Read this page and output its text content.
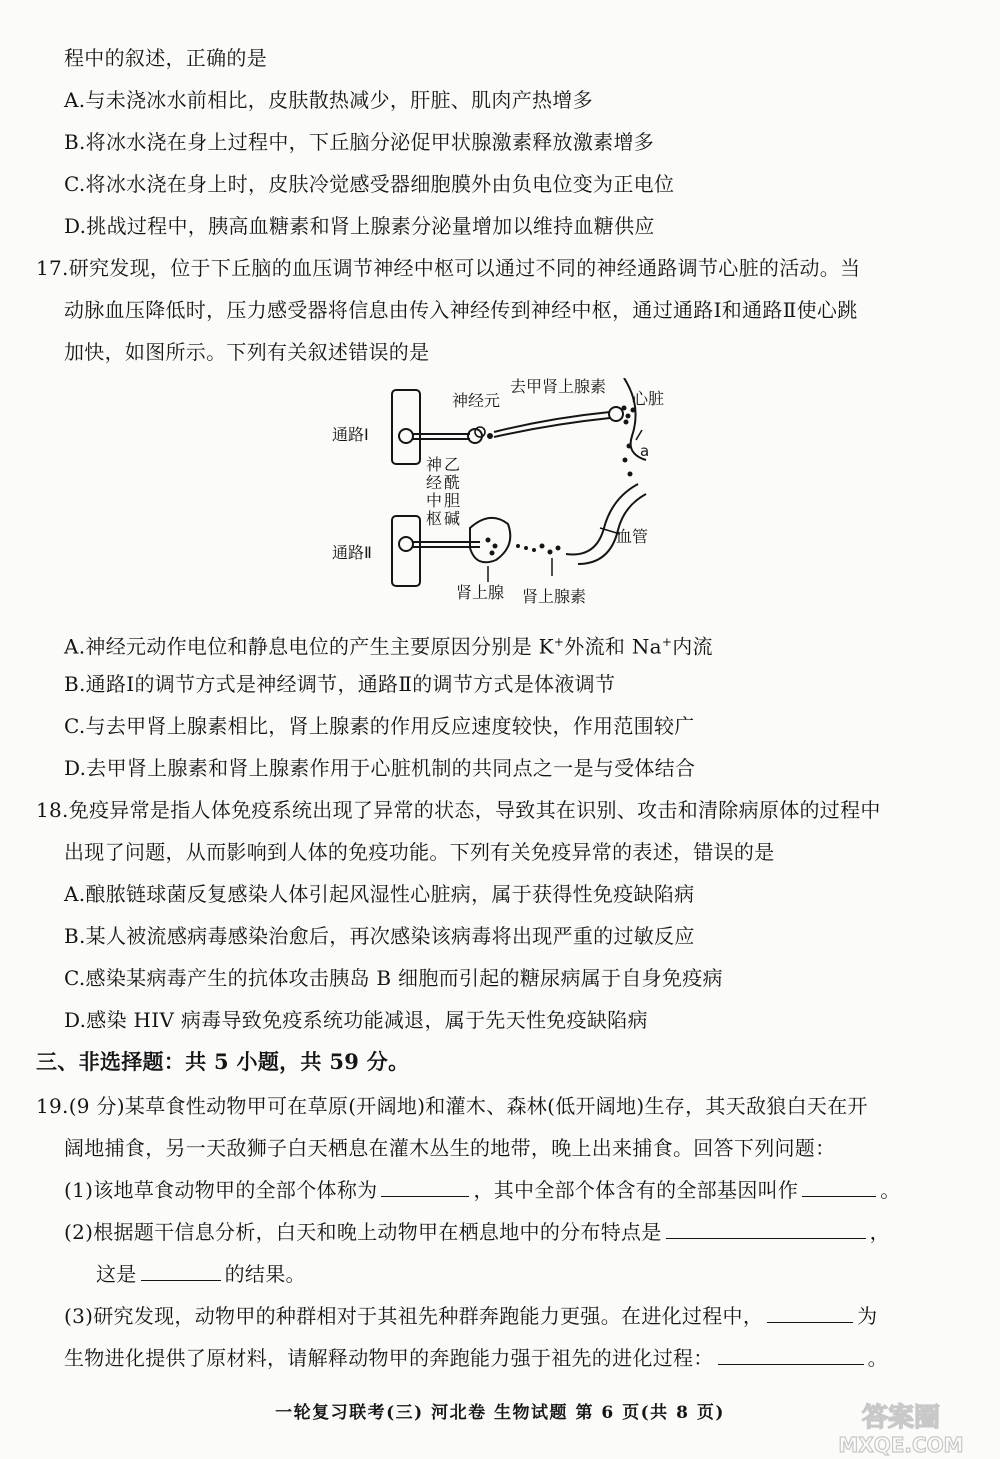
程中的叙述，正确的是
A.与未浇冰水前相比，皮肤散热减少，肝脏、肌肉产热增多
B.将冰水浇在身上过程中，下丘脑分泌促甲状腺激素释放激素增多
C.将冰水浇在身上时，皮肤冷觉感受器细胞膜外由负电位变为正电位
D.挑战过程中，胰高血糖素和肾上腺素分泌量增加以维持血糖供应
17.研究发现，位于下丘脑的血压调节神经中枢可以通过不同的神经通路调节心脏的活动。当
动脉血压降低时，压力感受器将信息由传入神经传到神经中枢，通过通路Ⅰ和通路Ⅱ使心跳
加快，如图所示。下列有关叙述错误的是
通路Ⅰ
通路Ⅱ
神经元
去甲肾上腺素
心脏
a
神
经
中
枢
乙
酰
胆
碱
血管
肾上腺 肾上腺素
A.神经元动作电位和静息电位的产生主要原因分别是 K+外流和 Na+内流
B.通路Ⅰ的调节方式是神经调节，通路Ⅱ的调节方式是体液调节
C.与去甲肾上腺素相比，肾上腺素的作用反应速度较快，作用范围较广
D.去甲肾上腺素和肾上腺素作用于心脏机制的共同点之一是与受体结合
18.免疫异常是指人体免疫系统出现了异常的状态，导致其在识别、攻击和清除病原体的过程中
出现了问题，从而影响到人体的免疫功能。下列有关免疫异常的表述，错误的是
A.酿脓链球菌反复感染人体引起风湿性心脏病，属于获得性免疫缺陷病
B.某人被流感病毒感染治愈后，再次感染该病毒将出现严重的过敏反应
C.感染某病毒产生的抗体攻击胰岛 B 细胞而引起的糖尿病属于自身免疫病
D.感染 HIV 病毒导致免疫系统功能减退，属于先天性免疫缺陷病
三、非选择题：共 5 小题，共 59 分。
19.(9 分)某草食性动物甲可在草原(开阔地)和灌木、森林(低开阔地)生存，其天敌狼白天在开
阔地捕食，另一天敌狮子白天栖息在灌木丛生的地带，晚上出来捕食。回答下列问题：
(1)该地草食动物甲的全部个体称为	，其中全部个体含有的全部基因叫作	。
(2)根据题干信息分析，白天和晚上动物甲在栖息地中的分布特点是	，
这是	的结果。
(3)研究发现，动物甲的种群相对于其祖先种群奔跑能力更强。在进化过程中，	为
生物进化提供了原材料，请解释动物甲的奔跑能力强于祖先的进化过程：	。
一轮复习联考(三) 河北卷 生物试题 第 6 页(共 8 页)	答案圈
MXQE.COM
